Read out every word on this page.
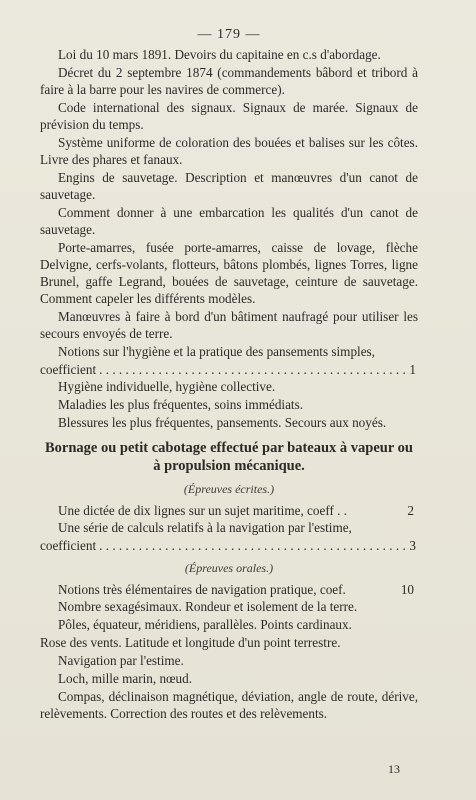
— 179 —

Loi du 10 mars 1891. Devoirs du capitaine en c.s d'abordage.

Décret du 2 septembre 1874 (commandements bâbord et tribord à faire à la barre pour les navires de commerce).

Code international des signaux. Signaux de marée. Signaux de prévision du temps.

Système uniforme de coloration des bouées et balises sur les côtes. Livre des phares et fanaux.

Engins de sauvetage. Description et manœuvres d'un canot de sauvetage.

Comment donner à une embarcation les qualités d'un canot de sauvetage.

Porte-amarres, fusée porte-amarres, caisse de lovage, flèche Delvigne, cerfs-volants, flotteurs, bâtons plombés, lignes Torres, ligne Brunel, gaffe Legrand, bouées de sauvetage, ceinture de sauvetage. Comment capeler les différents modèles.

Manœuvres à faire à bord d'un bâtiment naufragé pour utiliser les secours envoyés de terre.

Notions sur l'hygiène et la pratique des pansements simples,
coefficient . . .	1

Hygiène individuelle, hygiène collective.

Maladies les plus fréquentes, soins immédiats.

Blessures les plus fréquentes, pansements. Secours aux noyés.

Bornage ou petit cabotage effectué par bateaux à vapeur ou à propulsion mécanique.
(Épreuves écrites.)
Une dictée de dix lignes sur un sujet maritime, coeff . .	2
Une série de calculs relatifs à la navigation par l'estime,
coefficient . . .	3
(Épreuves orales.)
Notions très élémentaires de navigation pratique, coef.	10

Nombre sexagésimaux. Rondeur et isolement de la terre.

Pôles, équateur, méridiens, parallèles. Points cardinaux.

Rose des vents. Latitude et longitude d'un point terrestre.

Navigation par l'estime.

Loch, mille marin, nœud.

Compas, déclinaison magnétique, déviation, angle de route, dérive, relèvements. Correction des routes et des relèvements.

13
